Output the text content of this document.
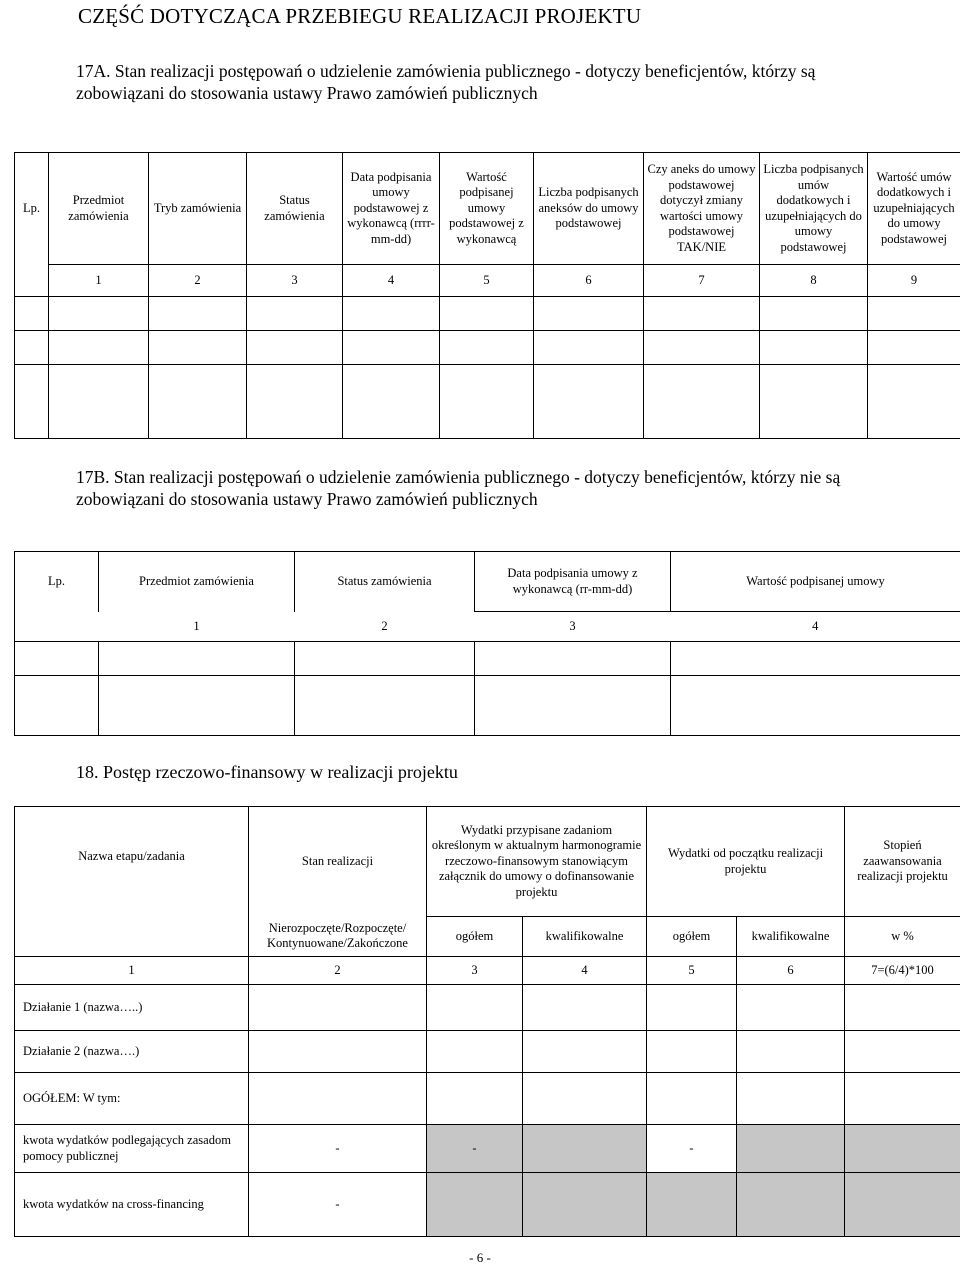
CZĘŚĆ DOTYCZĄCA PRZEBIEGU REALIZACJI PROJEKTU
17A. Stan realizacji postępowań o udzielenie zamówienia publicznego - dotyczy beneficjentów, którzy są zobowiązani do stosowania ustawy Prawo zamówień publicznych
Lp.	Przedmiot zamówienia	Tryb zamówienia	Status zamówienia	Data podpisania umowy podstawowej z wykonawcą (rrrr-mm-dd)	Wartość podpisanej umowy podstawowej z wykonawcą	Liczba podpisanych aneksów do umowy podstawowej	Czy aneks do umowy podstawowej dotyczył zmiany wartości umowy podstawowej TAK/NIE	Liczba podpisanych umów dodatkowych i uzupełniających do umowy podstawowej	Wartość umów dodatkowych i uzupełniających do umowy podstawowej
	1	2	3	4	5	6	7	8	9

17B. Stan realizacji postępowań o udzielenie zamówienia publicznego - dotyczy beneficjentów, którzy nie są zobowiązani do stosowania ustawy Prawo zamówień publicznych
Lp.	Przedmiot zamówienia	Status zamówienia	Data podpisania umowy z wykonawcą (rr-mm-dd)	Wartość podpisanej umowy
	1	2	3	4

18. Postęp rzeczowo-finansowy w realizacji projektu
Nazwa etapu/zadania	Stan realizacji	Wydatki przypisane zadaniom określonym w aktualnym harmonogramie rzeczowo-finansowym stanowiącym załącznik do umowy o dofinansowanie projektu		Wydatki od początku realizacji projektu		Stopień zaawansowania realizacji projektu
	Nierozpoczęte/Rozpoczęte/ Kontynuowane/Zakończone	ogółem	kwalifikowalne	ogółem	kwalifikowalne	w %
1	2	3	4	5	6	7=(6/4)*100
Działanie 1 (nazwa…..)						
Działanie 2 (nazwa….)						
OGÓŁEM: W tym:						
kwota wydatków podlegających zasadom pomocy publicznej	-	-		-		
kwota wydatków na cross-financing	-					
- 6 -
